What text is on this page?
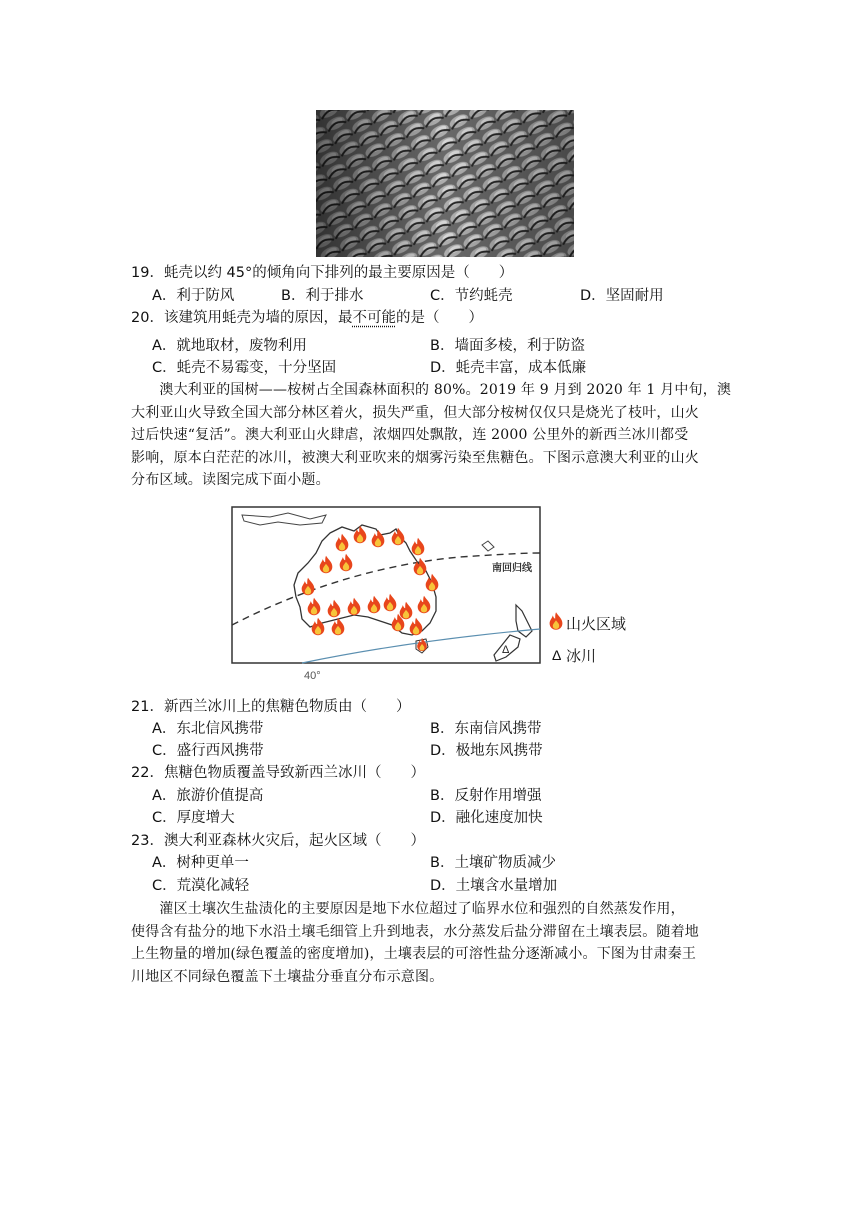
19．蚝壳以约 45°的倾角向下排列的最主要原因是（　　）
A．利于防风	B．利于排水	C．节约蚝壳	D．坚固耐用
20．该建筑用蚝壳为墙的原因，最不可能的是（　　）
A．就地取材，废物利用	B．墙面多棱，利于防盗
C．蚝壳不易霉变，十分坚固	D．蚝壳丰富，成本低廉

　　澳大利亚的国树——桉树占全国森林面积的 80%。2019 年 9 月到 2020 年 1 月中旬，澳

大利亚山火导致全国大部分林区着火，损失严重，但大部分桉树仅仅只是烧光了枝叶，山火

过后快速“复活”。澳大利亚山火肆虐，浓烟四处飘散，连 2000 公里外的新西兰冰川都受

影响，原本白茫茫的冰川，被澳大利亚吹来的烟雾污染至焦糖色。下图示意澳大利亚的山火

分布区域。读图完成下面小题。

南回归线
40°
Δ
山火区域
Δ 冰川
21．新西兰冰川上的焦糖色物质由（　　）
A．东北信风携带	B．东南信风携带
C．盛行西风携带	D．极地东风携带
22．焦糖色物质覆盖导致新西兰冰川（　　）
A．旅游价值提高	B．反射作用增强
C．厚度增大	D．融化速度加快
23．澳大利亚森林火灾后，起火区域（　　）
A．树种更单一	B．土壤矿物质减少
C．荒漠化减轻	D．土壤含水量增加

　　灌区土壤次生盐渍化的主要原因是地下水位超过了临界水位和强烈的自然蒸发作用，

使得含有盐分的地下水沿土壤毛细管上升到地表，水分蒸发后盐分滞留在土壤表层。随着地

上生物量的增加(绿色覆盖的密度增加)，土壤表层的可溶性盐分逐渐减小。下图为甘肃秦王

川地区不同绿色覆盖下土壤盐分垂直分布示意图。
